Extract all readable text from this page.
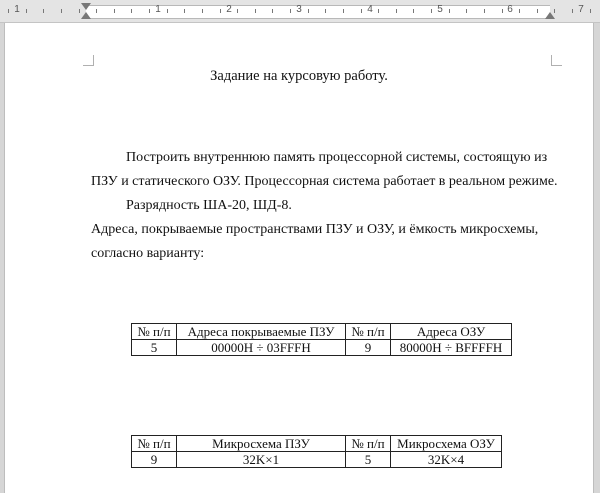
1	1	2	3	4	5	6	7
Задание на курсовую работу.
Построить внутреннюю память процессорной системы, состоящую из
ПЗУ и статического ОЗУ. Процессорная система работает в реальном режиме.
Разрядность ША-20, ШД-8.
Адреса, покрываемые пространствами ПЗУ и ОЗУ, и ёмкость микросхемы,
согласно варианту:
№ п/п	Адреса покрываемые ПЗУ	№ п/п	Адреса ОЗУ
5	00000H ÷ 03FFFH	9	80000H ÷ BFFFFH
№ п/п	Микросхема ПЗУ	№ п/п	Микросхема ОЗУ
9	32K×1	5	32K×4
